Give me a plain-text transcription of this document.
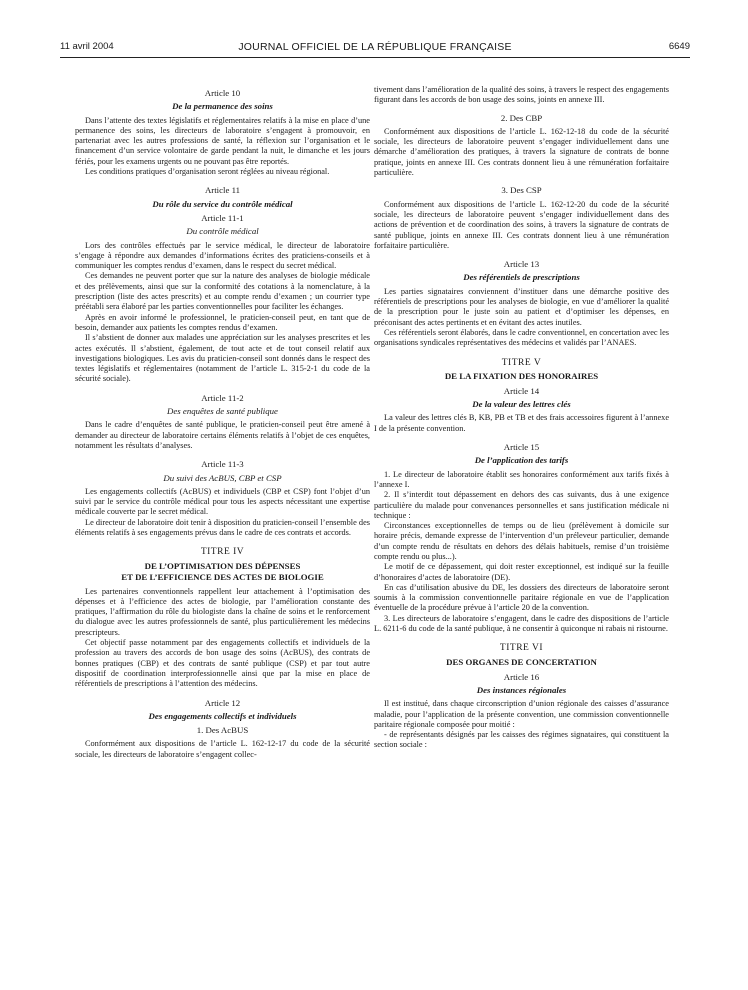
11 avril 2004	JOURNAL OFFICIEL DE LA RÉPUBLIQUE FRANÇAISE	6649
Article 10
De la permanence des soins

Dans l’attente des textes législatifs et réglementaires relatifs à la mise en place d’une permanence des soins, les directeurs de laboratoire s’engagent à promouvoir, en partenariat avec les autres professions de santé, la réflexion sur l’organisation et le financement d’un service volontaire de garde pendant la nuit, le dimanche et les jours fériés, pour les examens urgents ou ne pouvant pas être reportés.

Les conditions pratiques d’organisation seront réglées au niveau régional.

Article 11
Du rôle du service du contrôle médical
Article 11-1
Du contrôle médical

Lors des contrôles effectués par le service médical, le directeur de laboratoire s’engage à répondre aux demandes d’informations écrites des praticiens-conseils et à communiquer les comptes rendus d’examen, dans le respect du secret médical.

Ces demandes ne peuvent porter que sur la nature des analyses de biologie médicale et des prélèvements, ainsi que sur la conformité des cotations à la nomenclature, à la prescription (liste des actes prescrits) et au compte rendu d’examen ; un courrier type préétabli sera élaboré par les parties conventionnelles pour faciliter les échanges.

Après en avoir informé le professionnel, le praticien-conseil peut, en tant que de besoin, demander aux patients les comptes rendus d’examen.

Il s’abstient de donner aux malades une appréciation sur les analyses prescrites et les actes exécutés. Il s’abstient, également, de tout acte et de tout conseil relatif aux investigations biologiques. Les avis du praticien-conseil sont donnés dans le respect des textes législatifs et réglementaires (notamment de l’article L. 315-2-1 du code de la sécurité sociale).

Article 11-2
Des enquêtes de santé publique

Dans le cadre d’enquêtes de santé publique, le praticien-conseil peut être amené à demander au directeur de laboratoire certains éléments relatifs à l’objet de ces enquêtes, notamment les résultats d’analyses.

Article 11-3
Du suivi des AcBUS, CBP et CSP

Les engagements collectifs (AcBUS) et individuels (CBP et CSP) font l’objet d’un suivi par le service du contrôle médical pour tous les aspects nécessitant une expertise médicale couverte par le secret médical.

Le directeur de laboratoire doit tenir à disposition du praticien-conseil l’ensemble des éléments relatifs à ses engagements prévus dans le cadre de ces contrats et accords.

TITRE IV
DE L’OPTIMISATION DES DÉPENSES
ET DE L’EFFICIENCE DES ACTES DE BIOLOGIE

Les partenaires conventionnels rappellent leur attachement à l’optimisation des dépenses et à l’efficience des actes de biologie, par l’amélioration constante des pratiques, l’affirmation du rôle du biologiste dans la chaîne de soins et le renforcement du dialogue avec les autres professionnels de santé, plus particulièrement les médecins prescripteurs.

Cet objectif passe notamment par des engagements collectifs et individuels de la profession au travers des accords de bon usage des soins (AcBUS), des contrats de bonnes pratiques (CBP) et des contrats de santé publique (CSP) et par tout autre dispositif de coordination interprofessionnelle ainsi que par la mise en place de référentiels de prescriptions à l’attention des médecins.

Article 12
Des engagements collectifs et individuels
1. Des AcBUS

Conformément aux dispositions de l’article L. 162-12-17 du code de la sécurité sociale, les directeurs de laboratoire s’engagent collec-

tivement dans l’amélioration de la qualité des soins, à travers le respect des engagements figurant dans les accords de bon usage des soins, joints en annexe III.

2. Des CBP

Conformément aux dispositions de l’article L. 162-12-18 du code de la sécurité sociale, les directeurs de laboratoire peuvent s’engager individuellement dans une démarche d’amélioration des pratiques, à travers la signature de contrats de bonne pratique, joints en annexe III. Ces contrats donnent lieu à une rémunération forfaitaire particulière.

3. Des CSP

Conformément aux dispositions de l’article L. 162-12-20 du code de la sécurité sociale, les directeurs de laboratoire peuvent s’engager individuellement dans des actions de prévention et de coordination des soins, à travers la signature de contrats de santé publique, joints en annexe III. Ces contrats donnent lieu à une rémunération forfaitaire particulière.

Article 13
Des référentiels de prescriptions

Les parties signataires conviennent d’instituer dans une démarche positive des référentiels de prescriptions pour les analyses de biologie, en vue d’améliorer la qualité de la prescription pour le juste soin au patient et d’optimiser les dépenses, en préconisant des actes pertinents et en évitant des actes inutiles.

Ces référentiels seront élaborés, dans le cadre conventionnel, en concertation avec les organisations syndicales représentatives des médecins et validés par l’ANAES.

TITRE V
DE LA FIXATION DES HONORAIRES
Article 14
De la valeur des lettres clés

La valeur des lettres clés B, KB, PB et TB et des frais accessoires figurent à l’annexe I de la présente convention.

Article 15
De l’application des tarifs

1. Le directeur de laboratoire établit ses honoraires conformément aux tarifs fixés à l’annexe I.

2. Il s’interdit tout dépassement en dehors des cas suivants, dus à une exigence particulière du malade pour convenances personnelles et sans justification médicale ni technique :

Circonstances exceptionnelles de temps ou de lieu (prélèvement à domicile sur horaire précis, demande expresse de l’intervention d’un préleveur particulier, demande d’un compte rendu de résultats en dehors des délais habituels, remise d’un troisième compte rendu ou plus...).

Le motif de ce dépassement, qui doit rester exceptionnel, est indiqué sur la feuille d’honoraires d’actes de laboratoire (DE).

En cas d’utilisation abusive du DE, les dossiers des directeurs de laboratoire seront soumis à la commission conventionnelle paritaire régionale en vue de l’application éventuelle de la procédure prévue à l’article 20 de la convention.

3. Les directeurs de laboratoire s’engagent, dans le cadre des dispositions de l’article L. 6211-6 du code de la santé publique, à ne consentir à quiconque ni rabais ni ristourne.

TITRE VI
DES ORGANES DE CONCERTATION
Article 16
Des instances régionales

Il est institué, dans chaque circonscription d’union régionale des caisses d’assurance maladie, pour l’application de la présente convention, une commission conventionnelle paritaire régionale composée pour moitié :

- de représentants désignés par les caisses des régimes signataires, qui constituent la section sociale :
